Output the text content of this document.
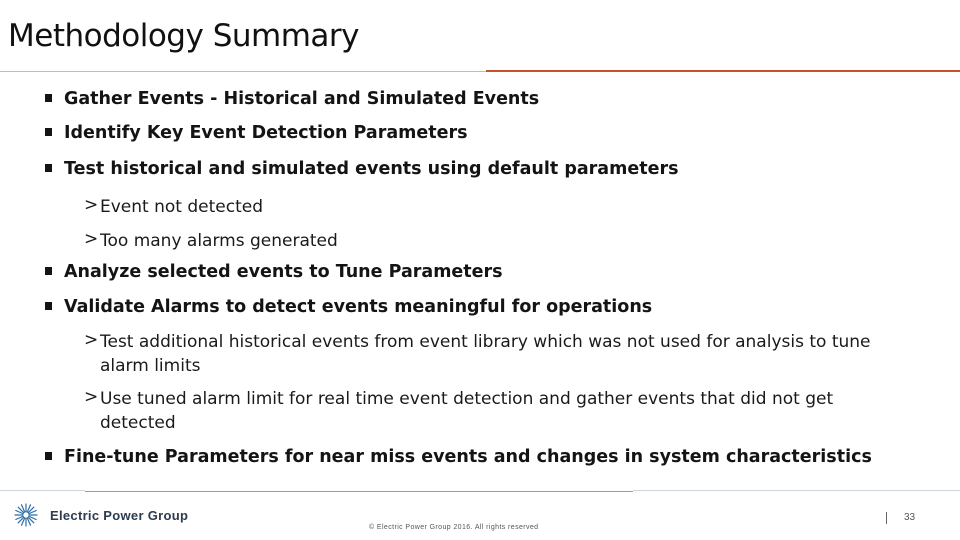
Methodology Summary
Gather Events - Historical and Simulated Events
Identify Key Event Detection Parameters
Test historical and simulated events using default parameters
> Event not detected
> Too many alarms generated
Analyze selected events to Tune Parameters
Validate Alarms to detect events meaningful for operations
> Test additional historical events from event library which was not used for analysis to tune alarm limits
> Use tuned alarm limit for real time event detection and gather events that did not get detected
Fine-tune Parameters for near miss events and changes in system characteristics
Electric Power Group
© Electric Power Group 2016. All rights reserved
33
